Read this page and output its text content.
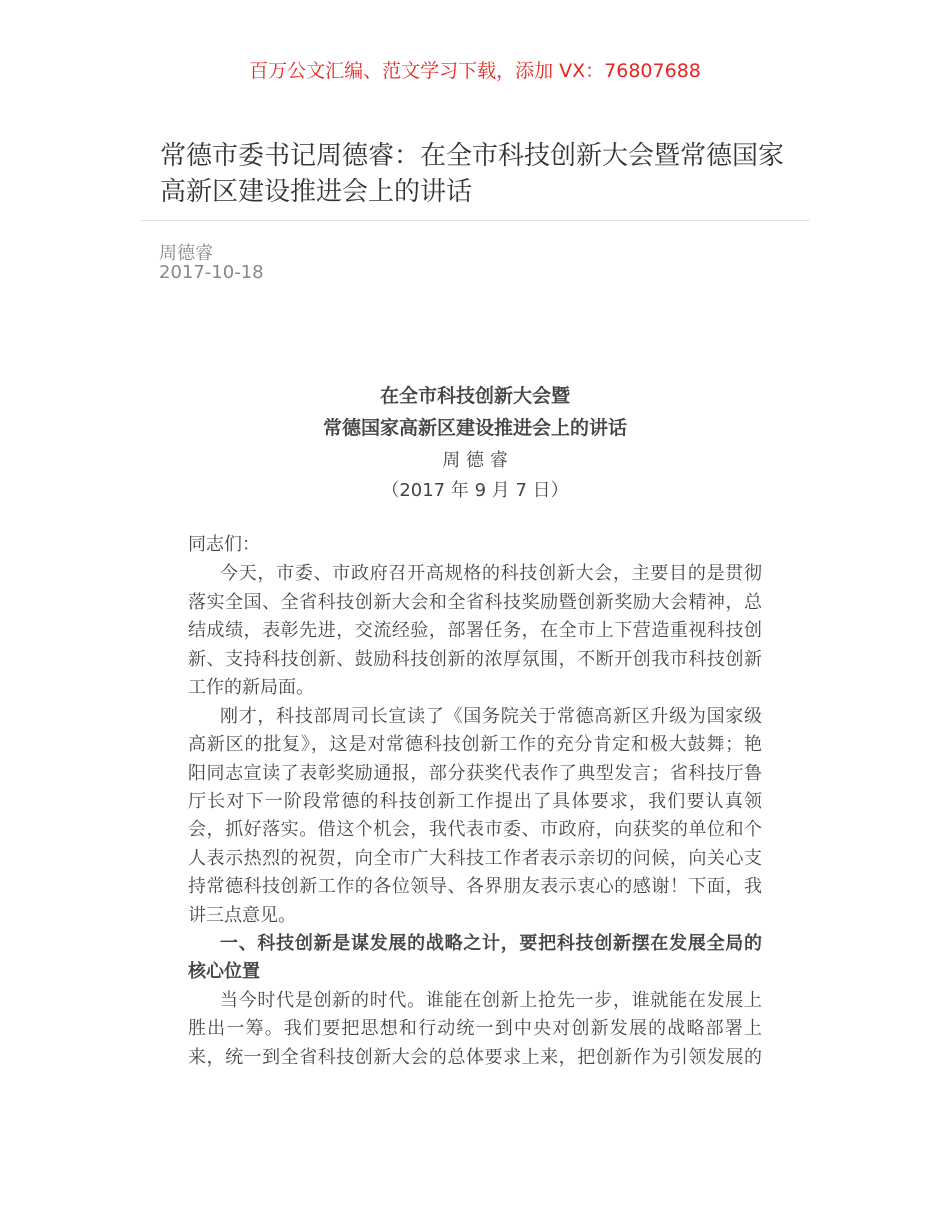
百万公文汇编、范文学习下载，添加 VX：76807688
常德市委书记周德睿：在全市科技创新大会暨常德国家高新区建设推进会上的讲话
周德睿
2017-10-18
在全市科技创新大会暨
常德国家高新区建设推进会上的讲话
周 德 睿
（2017 年 9 月 7 日）
同志们：
今天，市委、市政府召开高规格的科技创新大会，主要目的是贯彻
落实全国、全省科技创新大会和全省科技奖励暨创新奖励大会精神，总
结成绩，表彰先进，交流经验，部署任务，在全市上下营造重视科技创
新、支持科技创新、鼓励科技创新的浓厚氛围，不断开创我市科技创新
工作的新局面。
刚才，科技部周司长宣读了《国务院关于常德高新区升级为国家级
高新区的批复》，这是对常德科技创新工作的充分肯定和极大鼓舞；艳
阳同志宣读了表彰奖励通报，部分获奖代表作了典型发言；省科技厅鲁
厅长对下一阶段常德的科技创新工作提出了具体要求，我们要认真领
会，抓好落实。借这个机会，我代表市委、市政府，向获奖的单位和个
人表示热烈的祝贺，向全市广大科技工作者表示亲切的问候，向关心支
持常德科技创新工作的各位领导、各界朋友表示衷心的感谢！下面，我
讲三点意见。
一、科技创新是谋发展的战略之计，要把科技创新摆在发展全局的
核心位置
当今时代是创新的时代。谁能在创新上抢先一步，谁就能在发展上
胜出一筹。我们要把思想和行动统一到中央对创新发展的战略部署上
来，统一到全省科技创新大会的总体要求上来，把创新作为引领发展的
